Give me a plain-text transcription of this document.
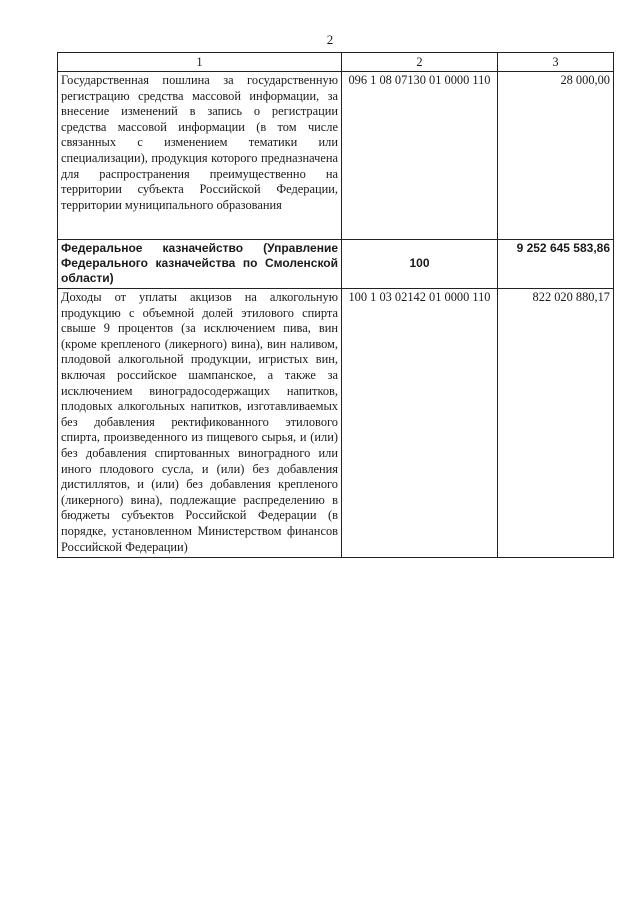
2
1	2	3
Государственная пошлина за государственную регистрацию средства массовой информации, за внесение изменений в запись о регистрации средства массовой информации (в том числе связанных с изменением тематики или специализации), продукция которого предназначена для распространения преимущественно на территории субъекта Российской Федерации, территории муниципального образования	096 1 08 07130 01 0000 110	28 000,00
Федеральное казначейство (Управление Федерального казначейства по Смоленской области)	100	9 252 645 583,86
Доходы от уплаты акцизов на алкогольную продукцию с объемной долей этилового спирта свыше 9 процентов (за исключением пива, вин (кроме крепленого (ликерного) вина), вин наливом, плодовой алкогольной продукции, игристых вин, включая российское шампанское, а также за исключением виноградосодержащих напитков, плодовых алкогольных напитков, изготавливаемых без добавления ректификованного этилового спирта, произведенного из пищевого сырья, и (или) без добавления спиртованных виноградного или иного плодового сусла, и (или) без добавления дистиллятов, и (или) без добавления крепленого (ликерного) вина), подлежащие распределению в бюджеты субъектов Российской Федерации (в порядке, установленном Министерством финансов Российской Федерации)	100 1 03 02142 01 0000 110	822 020 880,17
